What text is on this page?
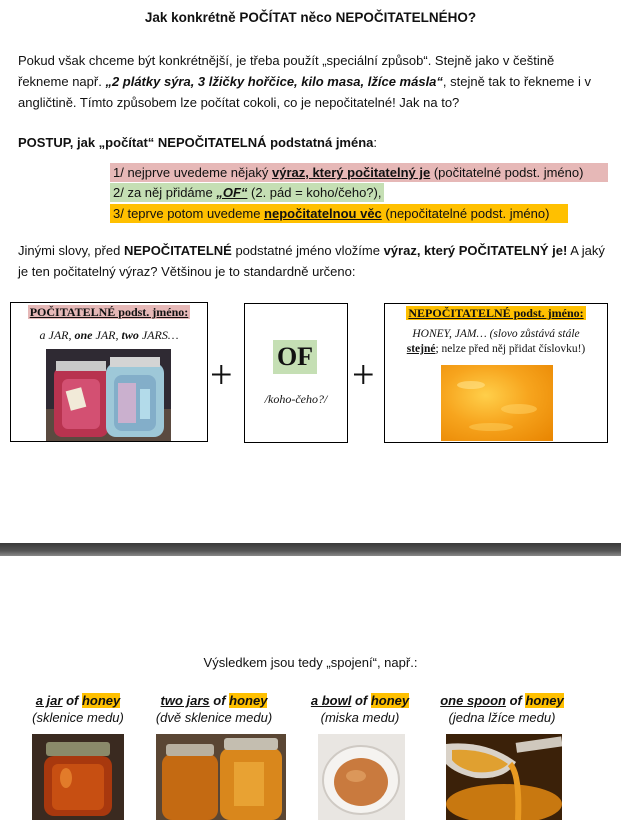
Jak konkrétně POČÍTAT něco NEPOČITATELNÉHO?
Pokud však chceme být konkrétnější, je třeba použít „speciální způsob“. Stejně jako v češtině řekneme např. „2 plátky sýra, 3 lžičky hořčice, kilo masa, lžíce másla“, stejně tak to řekneme i v angličtině. Tímto způsobem lze počítat cokoli, co je nepočitatelné! Jak na to?
POSTUP, jak „počítat“ NEPOČITATELNÁ podstatná jména:
1/ nejprve uvedeme nějaký výraz, který počitatelný je (počitatelné podst. jméno)
2/ za něj přidáme „OF“ (2. pád = koho/čeho?),
3/ teprve potom uvedeme nepočitatelnou věc (nepočitatelné podst. jméno)
Jinými slovy, před NEPOČITATELNÉ podstatné jméno vložíme výraz, který POČITATELNÝ je! A jaký je ten počitatelný výraz? Většinou je to standardně určeno:
POČITATELNÉ podst. jméno:
a JAR, one JAR, two JARS…
+ OF
/koho-čeho?/
+
NEPOČITATELNÉ podst. jméno:
HONEY, JAM… (slovo zůstává stále
stejné; nelze před něj přidat číslovku!)
Výsledkem jsou tedy „spojení“, např.:
a jar of honey
(sklenice medu)
two jars of honey
(dvě sklenice medu)
a bowl of honey
(miska medu)
one spoon of honey
(jedna lžíce medu)
